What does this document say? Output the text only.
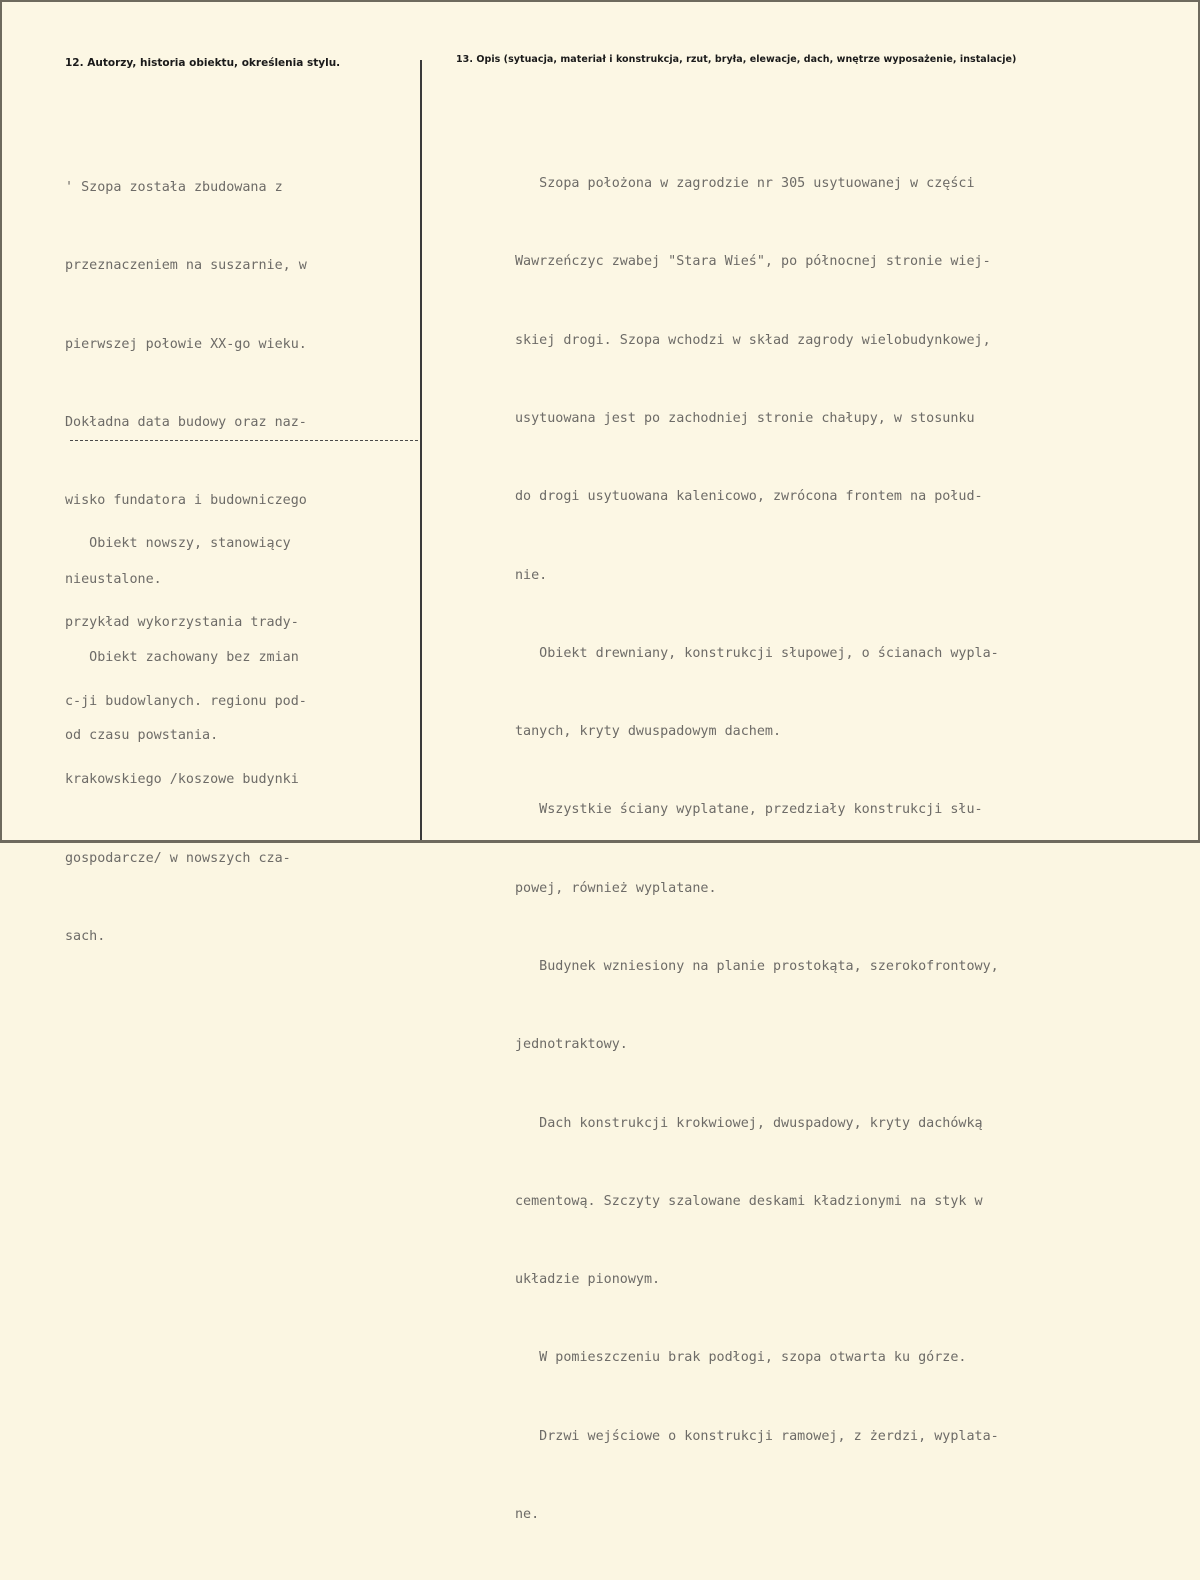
12. Autorzy, historia obiektu, określenia stylu.	13. Opis (sytuacja, materiał i konstrukcja, rzut, bryła, elewacje, dach, wnętrze wyposażenie, instalacje)

' Szopa została zbudowana z

przeznaczeniem na suszarnie, w

pierwszej połowie XX-go wieku.

Dokładna data budowy oraz naz-

wisko fundatora i budowniczego

nieustalone.

Obiekt zachowany bez zmian

od czasu powstania.

Obiekt nowszy, stanowiący

przykład wykorzystania trady-

c-ji budowlanych. regionu pod-

krakowskiego /koszowe budynki

gospodarcze/ w nowszych cza-

sach.

Szopa położona w zagrodzie nr 305 usytuowanej w części

Wawrzeńczyc zwabej "Stara Wieś", po północnej stronie wiej-

skiej drogi. Szopa wchodzi w skład zagrody wielobudynkowej,

usytuowana jest po zachodniej stronie chałupy, w stosunku

do drogi usytuowana kalenicowo, zwrócona frontem na połud-

nie.

Obiekt drewniany, konstrukcji słupowej, o ścianach wypla-

tanych, kryty dwuspadowym dachem.

Wszystkie ściany wyplatane, przedziały konstrukcji słu-

powej, również wyplatane.

Budynek wzniesiony na planie prostokąta, szerokofrontowy,

jednotraktowy.

Dach konstrukcji krokwiowej, dwuspadowy, kryty dachówką

cementową. Szczyty szalowane deskami kładzionymi na styk w

układzie pionowym.

W pomieszczeniu brak podłogi, szopa otwarta ku górze.

Drzwi wejściowe o konstrukcji ramowej, z żerdzi, wyplata-

ne.
